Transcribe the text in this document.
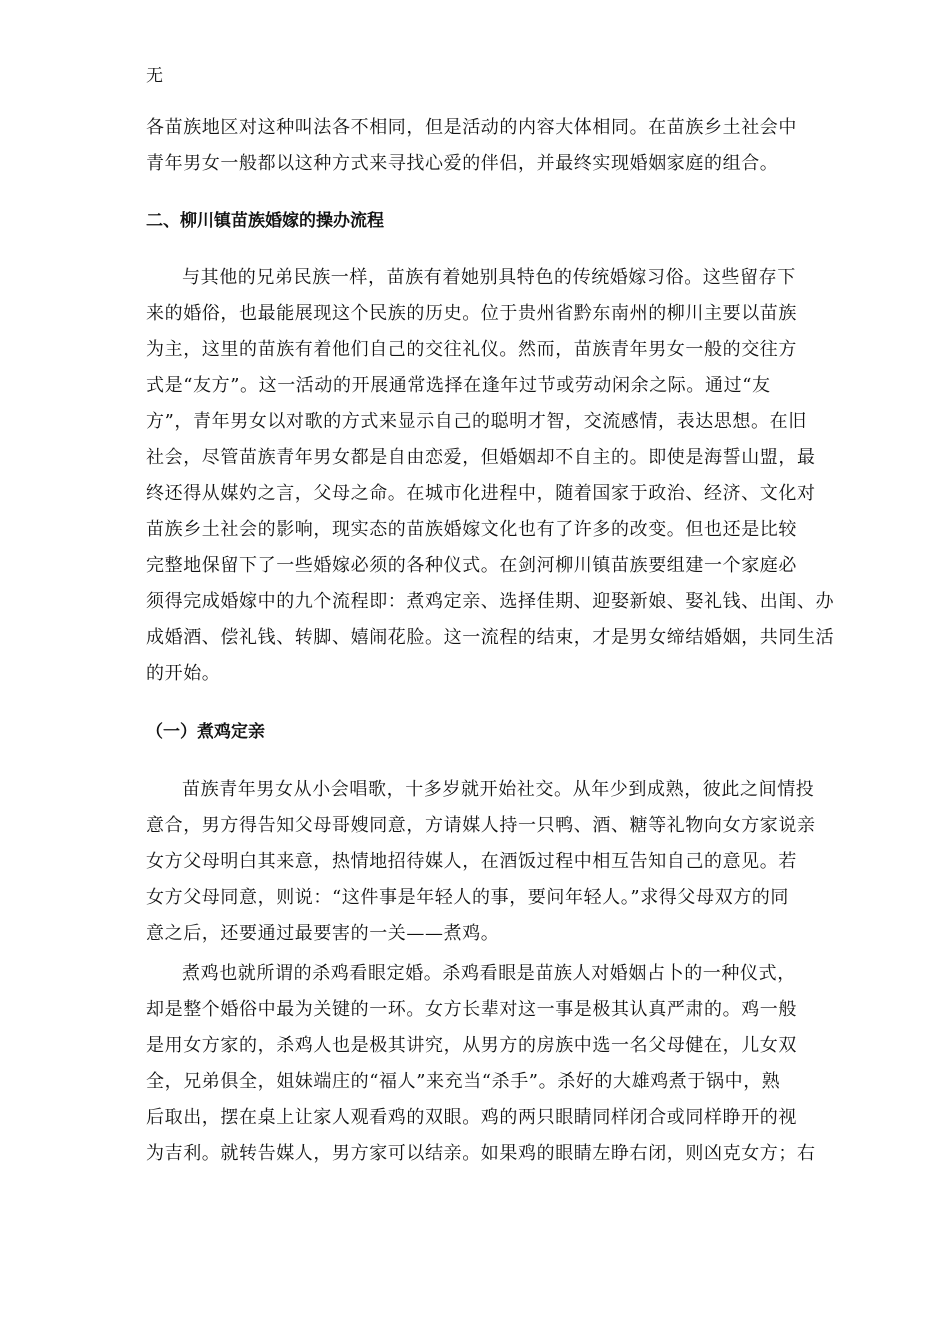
无
各苗族地区对这种叫法各不相同，但是活动的内容大体相同。在苗族乡土社会中
青年男女一般都以这种方式来寻找心爱的伴侣，并最终实现婚姻家庭的组合。
二、柳川镇苗族婚嫁的操办流程
与其他的兄弟民族一样，苗族有着她别具特色的传统婚嫁习俗。这些留存下
来的婚俗，也最能展现这个民族的历史。位于贵州省黔东南州的柳川主要以苗族
为主，这里的苗族有着他们自己的交往礼仪。然而，苗族青年男女一般的交往方
式是“友方”。这一活动的开展通常选择在逢年过节或劳动闲余之际。通过“友
方”，青年男女以对歌的方式来显示自己的聪明才智，交流感情，表达思想。在旧
社会，尽管苗族青年男女都是自由恋爱，但婚姻却不自主的。即使是海誓山盟，最
终还得从媒妁之言，父母之命。在城市化进程中，随着国家于政治、经济、文化对
苗族乡土社会的影响，现实态的苗族婚嫁文化也有了许多的改变。但也还是比较
完整地保留下了一些婚嫁必须的各种仪式。在剑河柳川镇苗族要组建一个家庭必
须得完成婚嫁中的九个流程即：煮鸡定亲、选择佳期、迎娶新娘、娶礼钱、出闺、办
成婚酒、偿礼钱、转脚、嬉闹花脸。这一流程的结束，才是男女缔结婚姻，共同生活
的开始。
（一）煮鸡定亲
苗族青年男女从小会唱歌，十多岁就开始社交。从年少到成熟，彼此之间情投
意合，男方得告知父母哥嫂同意，方请媒人持一只鸭、酒、糖等礼物向女方家说亲
女方父母明白其来意，热情地招待媒人，在酒饭过程中相互告知自己的意见。若
女方父母同意，则说：“这件事是年轻人的事，要问年轻人。”求得父母双方的同
意之后，还要通过最要害的一关——煮鸡。
煮鸡也就所谓的杀鸡看眼定婚。杀鸡看眼是苗族人对婚姻占卜的一种仪式，
却是整个婚俗中最为关键的一环。女方长辈对这一事是极其认真严肃的。鸡一般
是用女方家的，杀鸡人也是极其讲究，从男方的房族中选一名父母健在，儿女双
全，兄弟俱全，姐妹端庄的“福人”来充当“杀手”。杀好的大雄鸡煮于锅中，熟
后取出，摆在桌上让家人观看鸡的双眼。鸡的两只眼睛同样闭合或同样睁开的视
为吉利。就转告媒人，男方家可以结亲。如果鸡的眼睛左睁右闭，则凶克女方；右
